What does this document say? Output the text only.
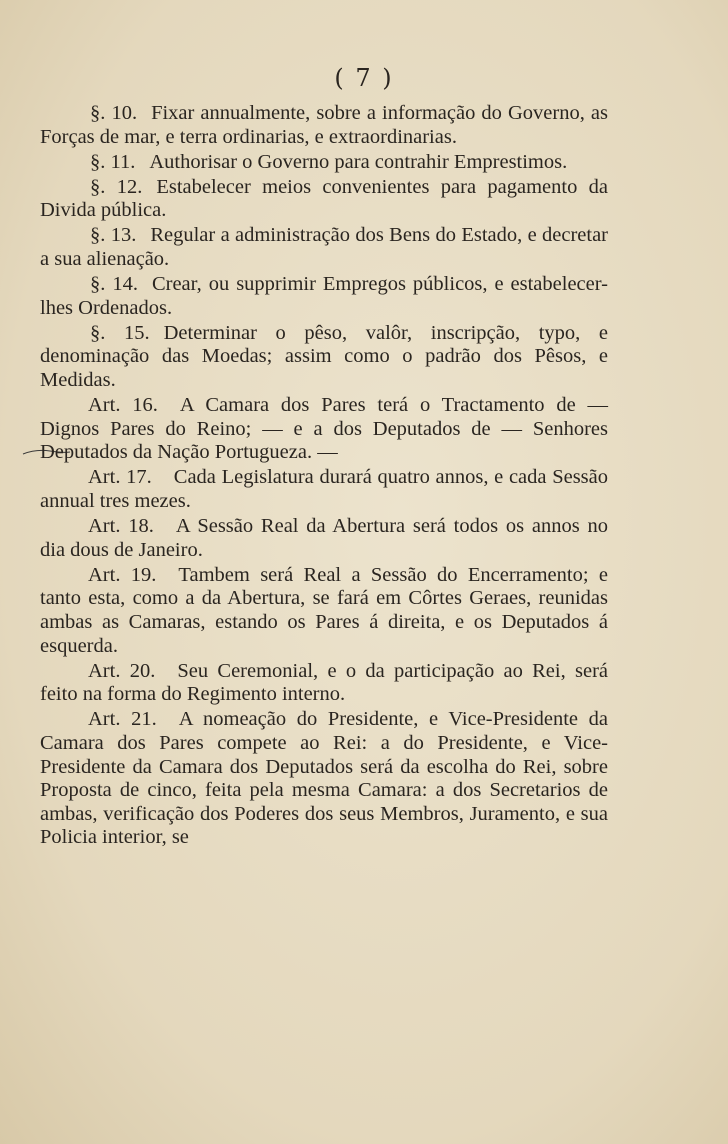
( 7 )

§. 10. Fixar annualmente, sobre a informação do Governo, as Forças de mar, e terra ordinarias, e extraordinarias.

§. 11. Authorisar o Governo para contrahir Emprestimos.

§. 12. Estabelecer meios convenientes para pagamento da Divida pública.

§. 13. Regular a administração dos Bens do Estado, e decretar a sua alienação.

§. 14. Crear, ou supprimir Empregos públicos, e estabelecer-lhes Ordenados.

§. 15. Determinar o pêso, valôr, inscripção, typo, e denominação das Moedas; assim como o padrão dos Pêsos, e Medidas.

Art. 16. A Camara dos Pares terá o Tractamento de — Dignos Pares do Reino; — e a dos Deputados de — Senhores Deputados da Nação Portugueza. —

Art. 17. Cada Legislatura durará quatro annos, e cada Sessão annual tres mezes.

Art. 18. A Sessão Real da Abertura será todos os annos no dia dous de Janeiro.

Art. 19. Tambem será Real a Sessão do Encerramento; e tanto esta, como a da Abertura, se fará em Côrtes Geraes, reunidas ambas as Camaras, estando os Pares á direita, e os Deputados á esquerda.

Art. 20. Seu Ceremonial, e o da participação ao Rei, será feito na forma do Regimento interno.

Art. 21. A nomeação do Presidente, e Vice-Presidente da Camara dos Pares compete ao Rei: a do Presidente, e Vice-Presidente da Camara dos Deputados será da escolha do Rei, sobre Proposta de cinco, feita pela mesma Camara: a dos Secretarios de ambas, verificação dos Poderes dos seus Membros, Juramento, e sua Policia interior, se
